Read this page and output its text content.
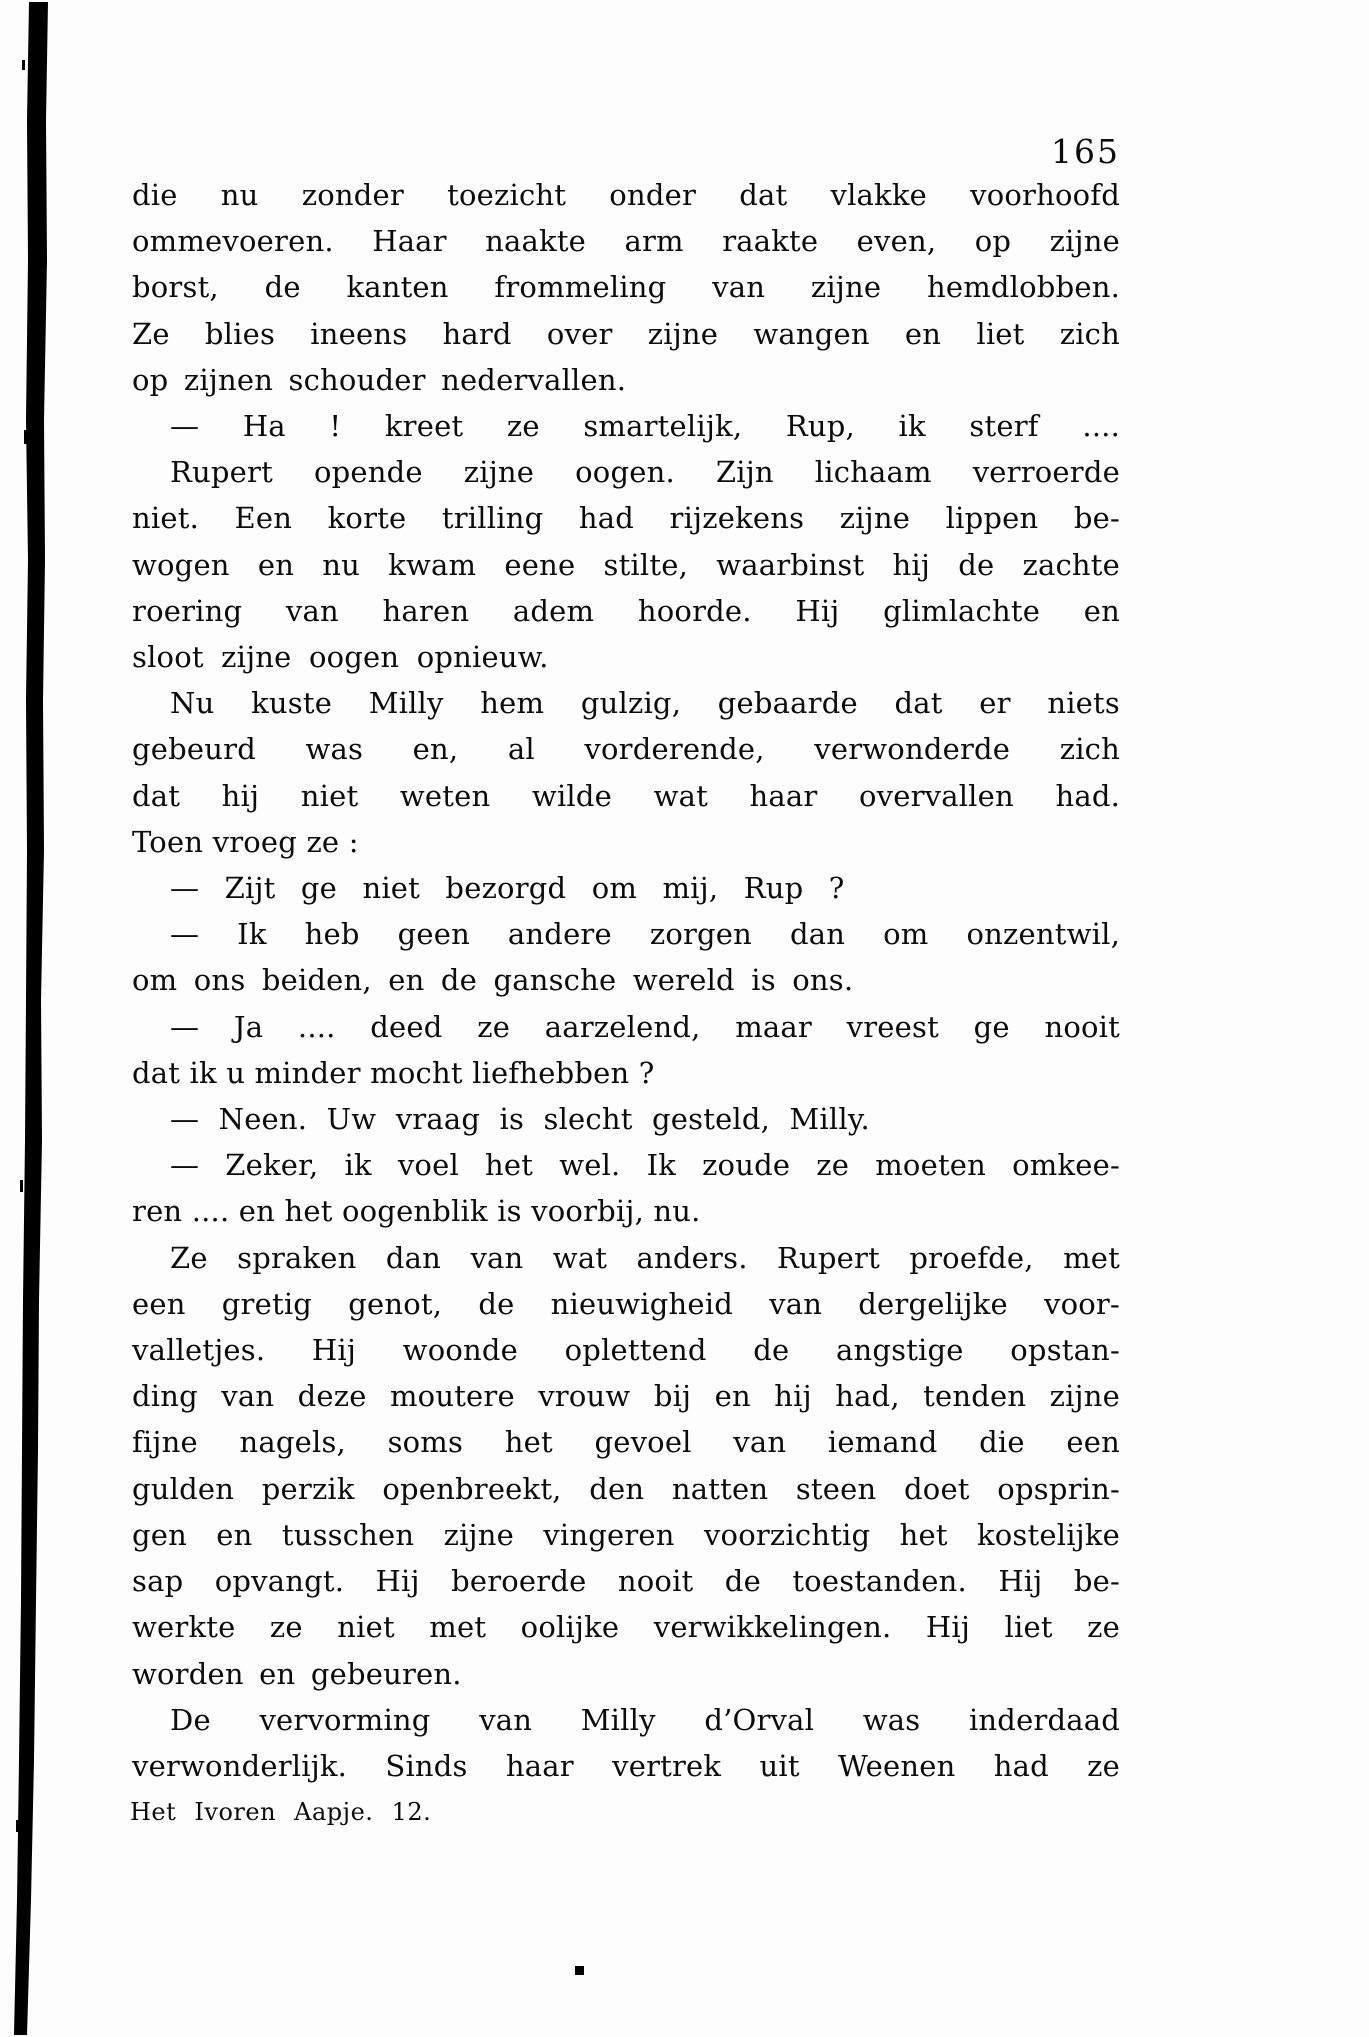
165
die nu zonder toezicht onder dat vlakke voorhoofd
ommevoeren. Haar naakte arm raakte even, op zijne
borst, de kanten frommeling van zijne hemdlobben.
Ze blies ineens hard over zijne wangen en liet zich
op zijnen schouder nedervallen.
— Ha ! kreet ze smartelijk, Rup, ik sterf ....
Rupert opende zijne oogen. Zijn lichaam verroerde
niet. Een korte trilling had rijzekens zijne lippen be-
wogen en nu kwam eene stilte, waarbinst hij de zachte
roering van haren adem hoorde. Hij glimlachte en
sloot zijne oogen opnieuw.
Nu kuste Milly hem gulzig, gebaarde dat er niets
gebeurd was en, al vorderende, verwonderde zich
dat hij niet weten wilde wat haar overvallen had.
Toen vroeg ze :
— Zijt ge niet bezorgd om mij, Rup ?
— Ik heb geen andere zorgen dan om onzentwil,
om ons beiden, en de gansche wereld is ons.
— Ja .... deed ze aarzelend, maar vreest ge nooit
dat ik u minder mocht liefhebben ?
— Neen. Uw vraag is slecht gesteld, Milly.
— Zeker, ik voel het wel. Ik zoude ze moeten omkee-
ren .... en het oogenblik is voorbij, nu.
Ze spraken dan van wat anders. Rupert proefde, met
een gretig genot, de nieuwigheid van dergelijke voor-
valletjes. Hij woonde oplettend de angstige opstan-
ding van deze moutere vrouw bij en hij had, tenden zijne
fijne nagels, soms het gevoel van iemand die een
gulden perzik openbreekt, den natten steen doet opsprin-
gen en tusschen zijne vingeren voorzichtig het kostelijke
sap opvangt. Hij beroerde nooit de toestanden. Hij be-
werkte ze niet met oolijke verwikkelingen. Hij liet ze
worden en gebeuren.
De vervorming van Milly d’Orval was inderdaad
verwonderlijk. Sinds haar vertrek uit Weenen had ze
Het Ivoren Aapje. 12.
